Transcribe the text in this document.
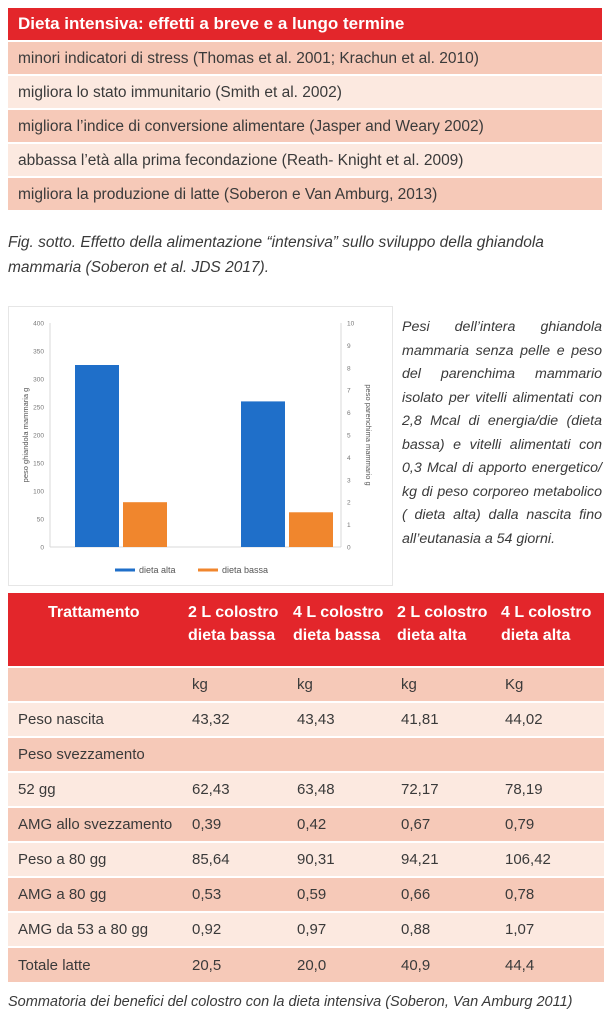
Dieta intensiva: effetti a breve e a lungo termine
minori indicatori di stress (Thomas et al. 2001; Krachun et al. 2010)
migliora lo stato immunitario (Smith et al. 2002)
migliora l’indice di conversione alimentare (Jasper and Weary 2002)
abbassa l’età alla prima fecondazione (Reath- Knight et al. 2009)
migliora la produzione di latte (Soberon e Van Amburg, 2013)
Fig. sotto. Effetto della alimentazione “intensiva” sullo sviluppo della ghiandola mammaria (Soberon et al. JDS 2017).
0
50
100
150
200
250
300
350
400
0
1
2
3
4
5
6
7
8
9
10
peso ghiandola mammaria g	peso parenchima mammario g
dieta alta	dieta bassa
Pesi dell’intera ghiandola mammaria senza pelle e peso del parenchima mammario isolato per vitelli alimentati con 2,8 Mcal di energia/die (dieta bassa) e vitelli alimentati con 0,3 Mcal di apporto energetico/ kg di peso corporeo metabolico ( dieta alta) dalla nascita fino all’eutanasia a 54 giorni.
Trattamento	2 L colostro dieta bassa	4 L colostro dieta bassa	2 L colostro dieta alta	4 L colostro dieta alta
	kg	kg	kg	Kg
Peso nascita	43,32	43,43	41,81	44,02
Peso svezzamento				
52 gg	62,43	63,48	72,17	78,19
AMG allo svezzamento	0,39	0,42	0,67	0,79
Peso a 80 gg	85,64	90,31	94,21	106,42
AMG a 80 gg	0,53	0,59	0,66	0,78
AMG da 53 a 80 gg	0,92	0,97	0,88	1,07
Totale latte	20,5	20,0	40,9	44,4
Sommatoria dei benefici del colostro con la dieta intensiva (Soberon, Van Amburg 2011)
